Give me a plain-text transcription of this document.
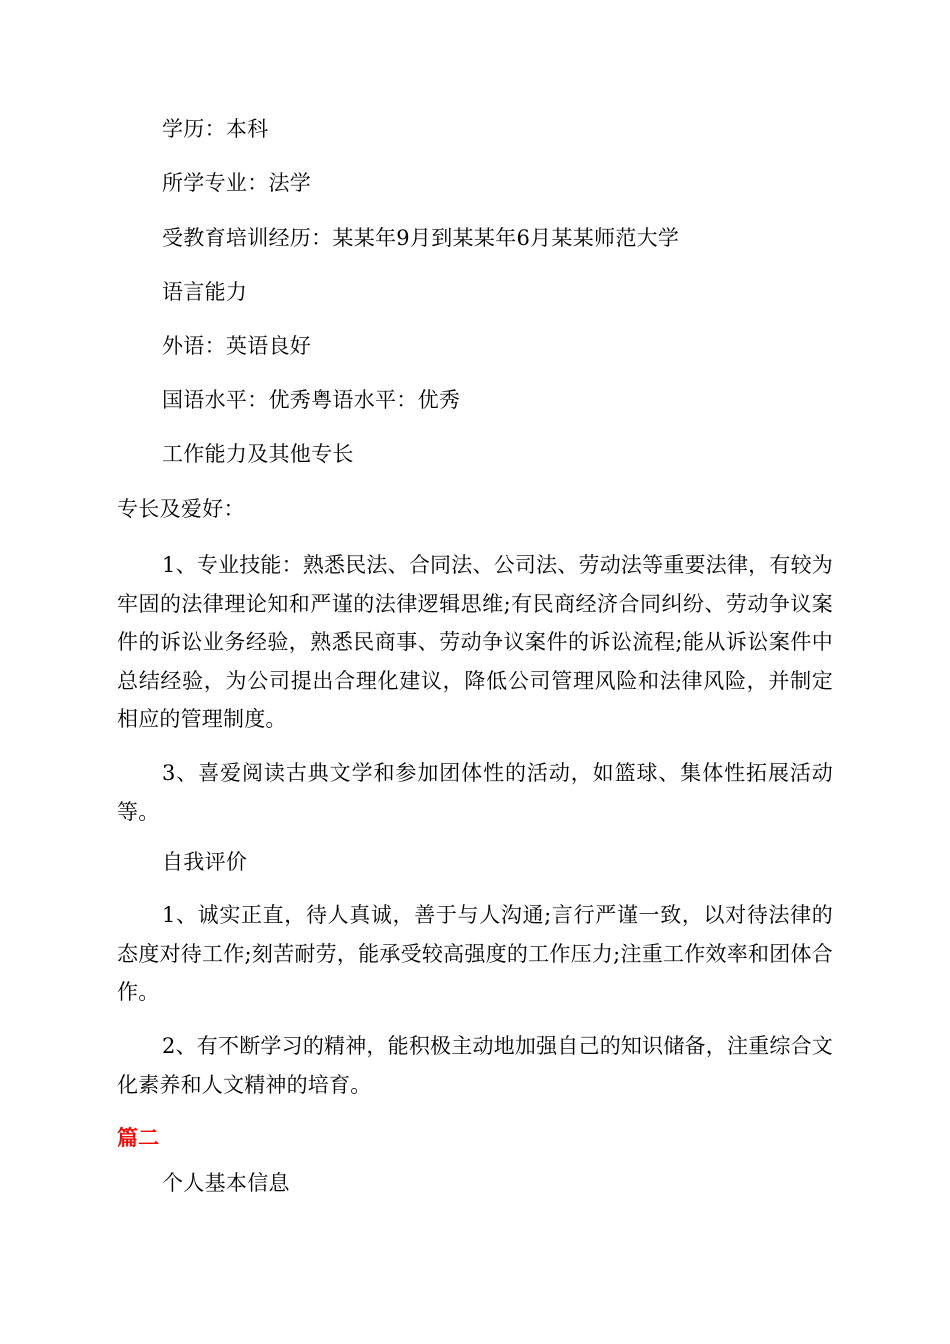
学历：本科
所学专业：法学
受教育培训经历：某某年9月到某某年6月某某师范大学
语言能力
外语：英语良好
国语水平：优秀粤语水平：优秀
工作能力及其他专长
专长及爱好：
1、专业技能：熟悉民法、合同法、公司法、劳动法等重要法律，有较为牢固的法律理论知和严谨的法律逻辑思维;有民商经济合同纠纷、劳动争议案件的诉讼业务经验，熟悉民商事、劳动争议案件的诉讼流程;能从诉讼案件中总结经验，为公司提出合理化建议，降低公司管理风险和法律风险，并制定相应的管理制度。
3、喜爱阅读古典文学和参加团体性的活动，如篮球、集体性拓展活动等。
自我评价
1、诚实正直，待人真诚，善于与人沟通;言行严谨一致，以对待法律的态度对待工作;刻苦耐劳，能承受较高强度的工作压力;注重工作效率和团体合作。
2、有不断学习的精神，能积极主动地加强自己的知识储备，注重综合文化素养和人文精神的培育。
篇二
个人基本信息
